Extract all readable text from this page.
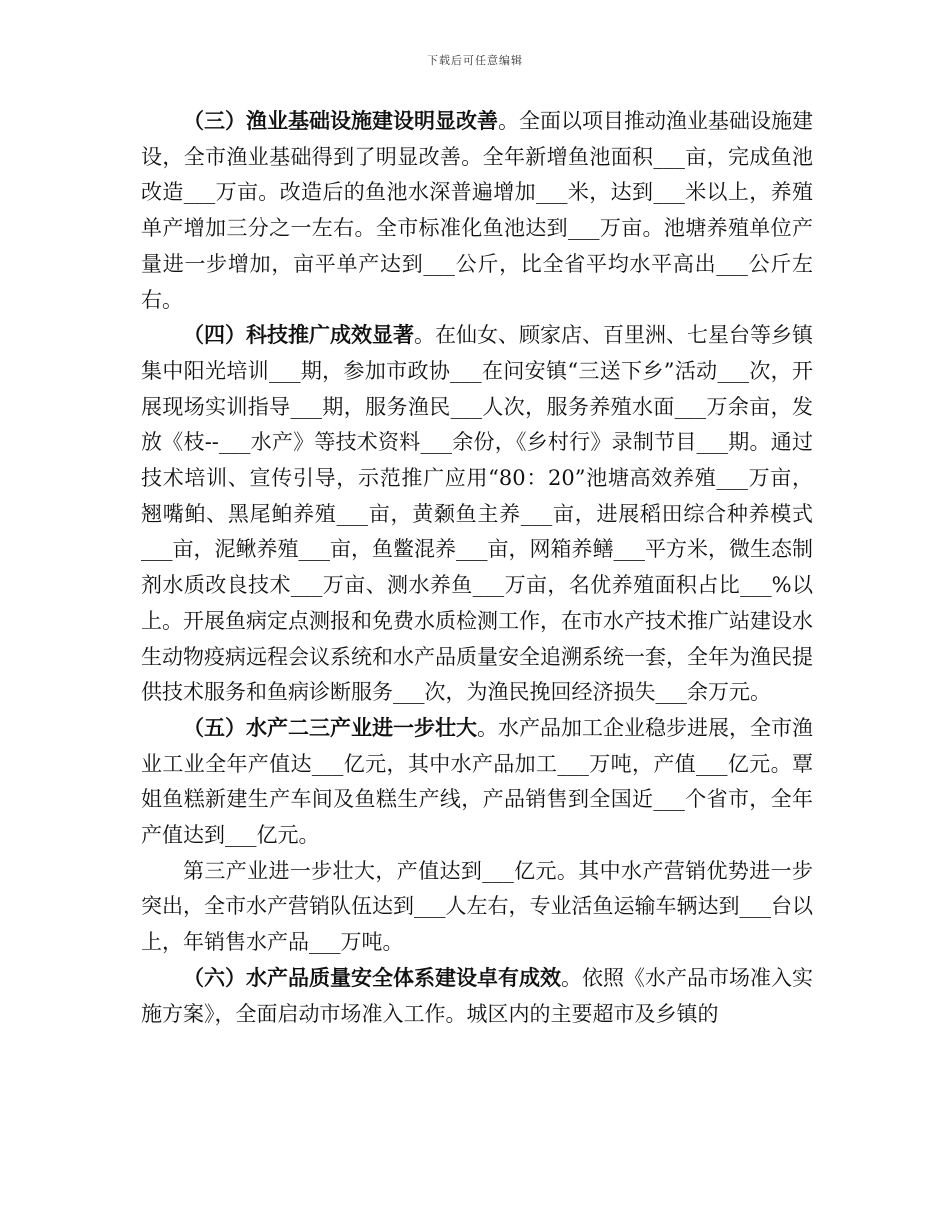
下载后可任意编辑

（三）渔业基础设施建设明显改善。全面以项目推动渔业基础设施建设，全市渔业基础得到了明显改善。全年新增鱼池面积___亩，完成鱼池改造___万亩。改造后的鱼池水深普遍增加___米，达到___米以上，养殖单产增加三分之一左右。全市标准化鱼池达到___万亩。池塘养殖单位产量进一步增加，亩平单产达到___公斤，比全省平均水平高出___公斤左右。

（四）科技推广成效显著。在仙女、顾家店、百里洲、七星台等乡镇集中阳光培训___期，参加市政协___在问安镇“三送下乡”活动___次，开展现场实训指导___期，服务渔民___人次，服务养殖水面___万余亩，发放《枝--___水产》等技术资料___余份，《乡村行》录制节目___期。通过技术培训、宣传引导，示范推广应用“80：20”池塘高效养殖___万亩，翘嘴鲌、黑尾鲌养殖___亩，黄颡鱼主养___亩，进展稻田综合种养模式___亩，泥鳅养殖___亩，鱼鳖混养___亩，网箱养鳝___平方米，微生态制剂水质改良技术___万亩、测水养鱼___万亩，名优养殖面积占比___%以上。开展鱼病定点测报和免费水质检测工作，在市水产技术推广站建设水生动物疫病远程会议系统和水产品质量安全追溯系统一套，全年为渔民提供技术服务和鱼病诊断服务___次，为渔民挽回经济损失___余万元。

（五）水产二三产业进一步壮大。水产品加工企业稳步进展，全市渔业工业全年产值达___亿元，其中水产品加工___万吨，产值___亿元。覃姐鱼糕新建生产车间及鱼糕生产线，产品销售到全国近___个省市，全年产值达到___亿元。

第三产业进一步壮大，产值达到___亿元。其中水产营销优势进一步突出，全市水产营销队伍达到___人左右，专业活鱼运输车辆达到___台以上，年销售水产品___万吨。

（六）水产品质量安全体系建设卓有成效。依照《水产品市场准入实施方案》，全面启动市场准入工作。城区内的主要超市及乡镇的
